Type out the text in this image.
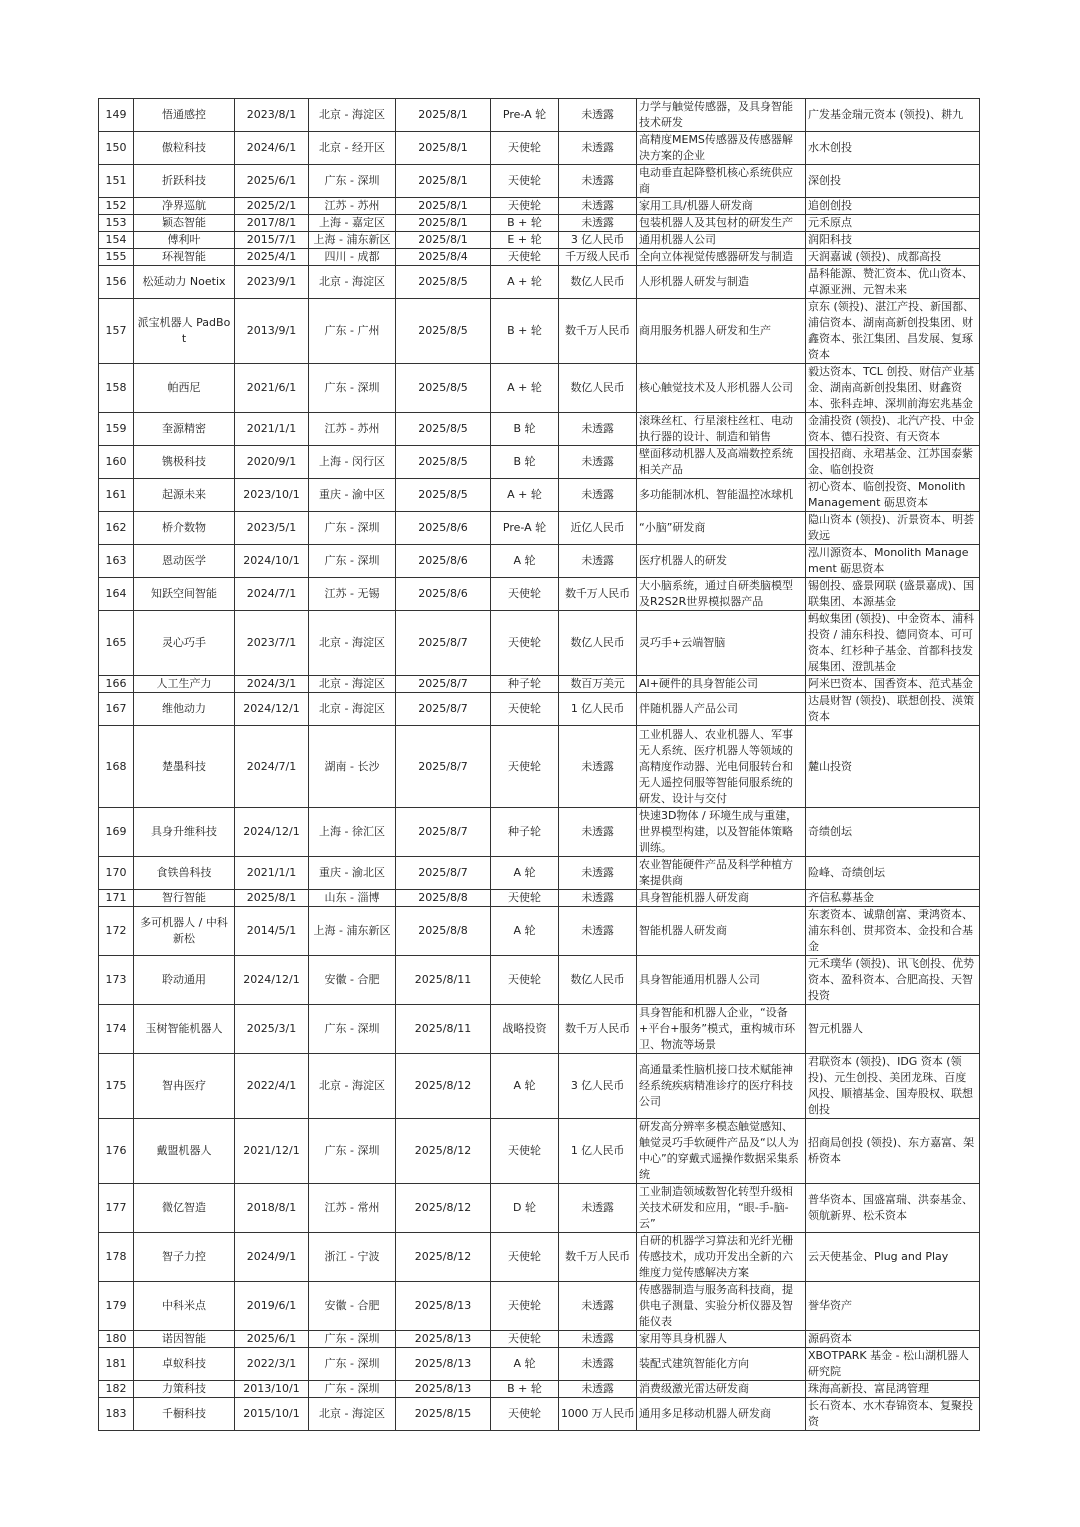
149	悟通感控	2023/8/1	北京 - 海淀区	2025/8/1	Pre-A 轮	未透露	力学与触觉传感器，及具身智能技术研发	广发基金瑞元资本 (领投)、耕九
150	傲粒科技	2024/6/1	北京 - 经开区	2025/8/1	天使轮	未透露	高精度MEMS传感器及传感器解决方案的企业	水木创投
151	折跃科技	2025/6/1	广东 - 深圳	2025/8/1	天使轮	未透露	电动垂直起降整机核心系统供应商	深创投
152	净界巡航	2025/2/1	江苏 - 苏州	2025/8/1	天使轮	未透露	家用工具/机器人研发商	追创创投
153	颖态智能	2017/8/1	上海 - 嘉定区	2025/8/1	B + 轮	未透露	包装机器人及其包材的研发生产	元禾原点
154	傅利叶	2015/7/1	上海 - 浦东新区	2025/8/1	E + 轮	3 亿人民币	通用机器人公司	润阳科技
155	环视智能	2025/4/1	四川 - 成都	2025/8/4	天使轮	千万级人民币	全向立体视觉传感器研发与制造	天润嘉诚 (领投)、成都高投
156	松延动力 Noetix	2023/9/1	北京 - 海淀区	2025/8/5	A + 轮	数亿人民币	人形机器人研发与制造	晶科能源、赞汇资本、优山资本、卓源亚洲、元智未来
157	派宝机器人 PadBot	2013/9/1	广东 - 广州	2025/8/5	B + 轮	数千万人民币	商用服务机器人研发和生产	京东 (领投)、湛江产投、新国都、浦信资本、湖南高新创投集团、财鑫资本、张江集团、昌发展、复琢资本
158	帕西尼	2021/6/1	广东 - 深圳	2025/8/5	A + 轮	数亿人民币	核心触觉技术及人形机器人公司	毅达资本、TCL 创投、财信产业基金、湖南高新创投集团、财鑫资本、张科垚坤、深圳前海宏兆基金
159	奎源精密	2021/1/1	江苏 - 苏州	2025/8/5	B 轮	未透露	滚珠丝杠、行星滚柱丝杠、电动执行器的设计、制造和销售	金浦投资 (领投)、北汽产投、中金资本、德石投资、有天资本
160	镌极科技	2020/9/1	上海 - 闵行区	2025/8/5	B 轮	未透露	壁面移动机器人及高端数控系统相关产品	国投招商、永珺基金、江苏国泰紫金、临创投资
161	起源未来	2023/10/1	重庆 - 渝中区	2025/8/5	A + 轮	未透露	多功能制冰机、智能温控冰球机	初心资本、临创投资、Monolith Management 砺思资本
162	桥介数物	2023/5/1	广东 - 深圳	2025/8/6	Pre-A 轮	近亿人民币	“小脑”研发商	隐山资本 (领投)、沂景资本、明荟致远
163	恩动医学	2024/10/1	广东 - 深圳	2025/8/6	A 轮	未透露	医疗机器人的研发	泓川源资本、Monolith Management 砺思资本
164	知跃空间智能	2024/7/1	江苏 - 无锡	2025/8/6	天使轮	数千万人民币	大小脑系统，通过自研类脑模型及R2S2R世界模拟器产品	锡创投、盛景网联 (盛景嘉成)、国联集团、本源基金
165	灵心巧手	2023/7/1	北京 - 海淀区	2025/8/7	天使轮	数亿人民币	灵巧手+云端智脑	蚂蚁集团 (领投)、中金资本、浦科投资 / 浦东科投、德同资本、可可资本、红杉种子基金、首都科技发展集团、澄凯基金
166	人工生产力	2024/3/1	北京 - 海淀区	2025/8/7	种子轮	数百万美元	AI+硬件的具身智能公司	阿米巴资本、国香资本、范式基金
167	维他动力	2024/12/1	北京 - 海淀区	2025/8/7	天使轮	1 亿人民币	伴随机器人产品公司	达晨财智 (领投)、联想创投、渶策资本
168	楚墨科技	2024/7/1	湖南 - 长沙	2025/8/7	天使轮	未透露	工业机器人、农业机器人、军事无人系统、医疗机器人等领域的高精度作动器、光电伺服转台和无人遥控伺服等智能伺服系统的研发、设计与交付	麓山投资
169	具身升维科技	2024/12/1	上海 - 徐汇区	2025/8/7	种子轮	未透露	快速3D物体 / 环境生成与重建，世界模型构建，以及智能体策略训练。	奇绩创坛
170	食铁兽科技	2021/1/1	重庆 - 渝北区	2025/8/7	A 轮	未透露	农业智能硬件产品及科学种植方案提供商	险峰、奇绩创坛
171	智行智能	2025/8/1	山东 - 淄博	2025/8/8	天使轮	未透露	具身智能机器人研发商	齐信私募基金
172	多可机器人 / 中科新松	2014/5/1	上海 - 浦东新区	2025/8/8	A 轮	未透露	智能机器人研发商	东袤资本、诚鼎创富、秉鸿资本、浦东科创、贯邦资本、金投和合基金
173	聆动通用	2024/12/1	安徽 - 合肥	2025/8/11	天使轮	数亿人民币	具身智能通用机器人公司	元禾璞华 (领投)、讯飞创投、优势资本、盈科资本、合肥高投、天智投资
174	玉树智能机器人	2025/3/1	广东 - 深圳	2025/8/11	战略投资	数千万人民币	具身智能和机器人企业，“设备+平台+服务”模式，重构城市环卫、物流等场景	智元机器人
175	智冉医疗	2022/4/1	北京 - 海淀区	2025/8/12	A 轮	3 亿人民币	高通量柔性脑机接口技术赋能神经系统疾病精准诊疗的医疗科技公司	君联资本 (领投)、IDG 资本 (领投)、元生创投、美团龙珠、百度风投、顺禧基金、国寿股权、联想创投
176	戴盟机器人	2021/12/1	广东 - 深圳	2025/8/12	天使轮	1 亿人民币	研发高分辨率多模态触觉感知、触觉灵巧手软硬件产品及“以人为中心”的穿戴式遥操作数据采集系统	招商局创投 (领投)、东方嘉富、架桥资本
177	微亿智造	2018/8/1	江苏 - 常州	2025/8/12	D 轮	未透露	工业制造领域数智化转型升级相关技术研发和应用，“眼-手-脑-云”	普华资本、国盛富瑞、洪泰基金、领航新界、松禾资本
178	智子力控	2024/9/1	浙江 - 宁波	2025/8/12	天使轮	数千万人民币	自研的机器学习算法和光纤光栅传感技术，成功开发出全新的六维度力觉传感解决方案	云天使基金、Plug and Play
179	中科米点	2019/6/1	安徽 - 合肥	2025/8/13	天使轮	未透露	传感器制造与服务高科技商，提供电子测量、实验分析仪器及智能仪表	誉华资产
180	诺因智能	2025/6/1	广东 - 深圳	2025/8/13	天使轮	未透露	家用等具身机器人	源码资本
181	卓蚁科技	2022/3/1	广东 - 深圳	2025/8/13	A 轮	未透露	装配式建筑智能化方向	XBOTPARK 基金 - 松山湖机器人研究院
182	力策科技	2013/10/1	广东 - 深圳	2025/8/13	B + 轮	未透露	消费级激光雷达研发商	珠海高新投、富昆鸿管理
183	千橱科技	2015/10/1	北京 - 海淀区	2025/8/15	天使轮	1000 万人民币	通用多足移动机器人研发商	长石资本、水木春锦资本、复聚投资
